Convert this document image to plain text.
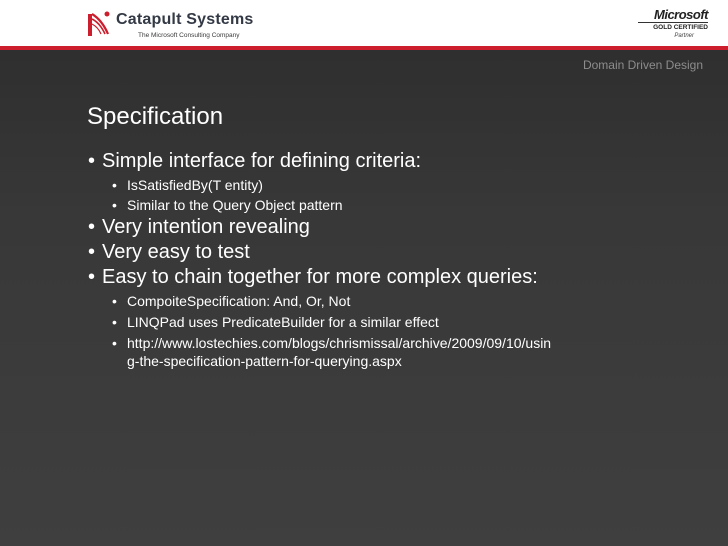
Catapult Systems
The Microsoft Consulting Company
Microsoft
GOLD CERTIFIED
Partner
Domain Driven Design
Specification
• Simple interface for defining criteria:
• IsSatisfiedBy(T entity)
• Similar to the Query Object pattern
• Very intention revealing
• Very easy to test
• Easy to chain together for more complex queries:
• CompoiteSpecification: And, Or, Not
• LINQPad uses PredicateBuilder for a similar effect
• http://www.lostechies.com/blogs/chrismissal/archive/2009/09/10/usin
g-the-specification-pattern-for-querying.aspx
